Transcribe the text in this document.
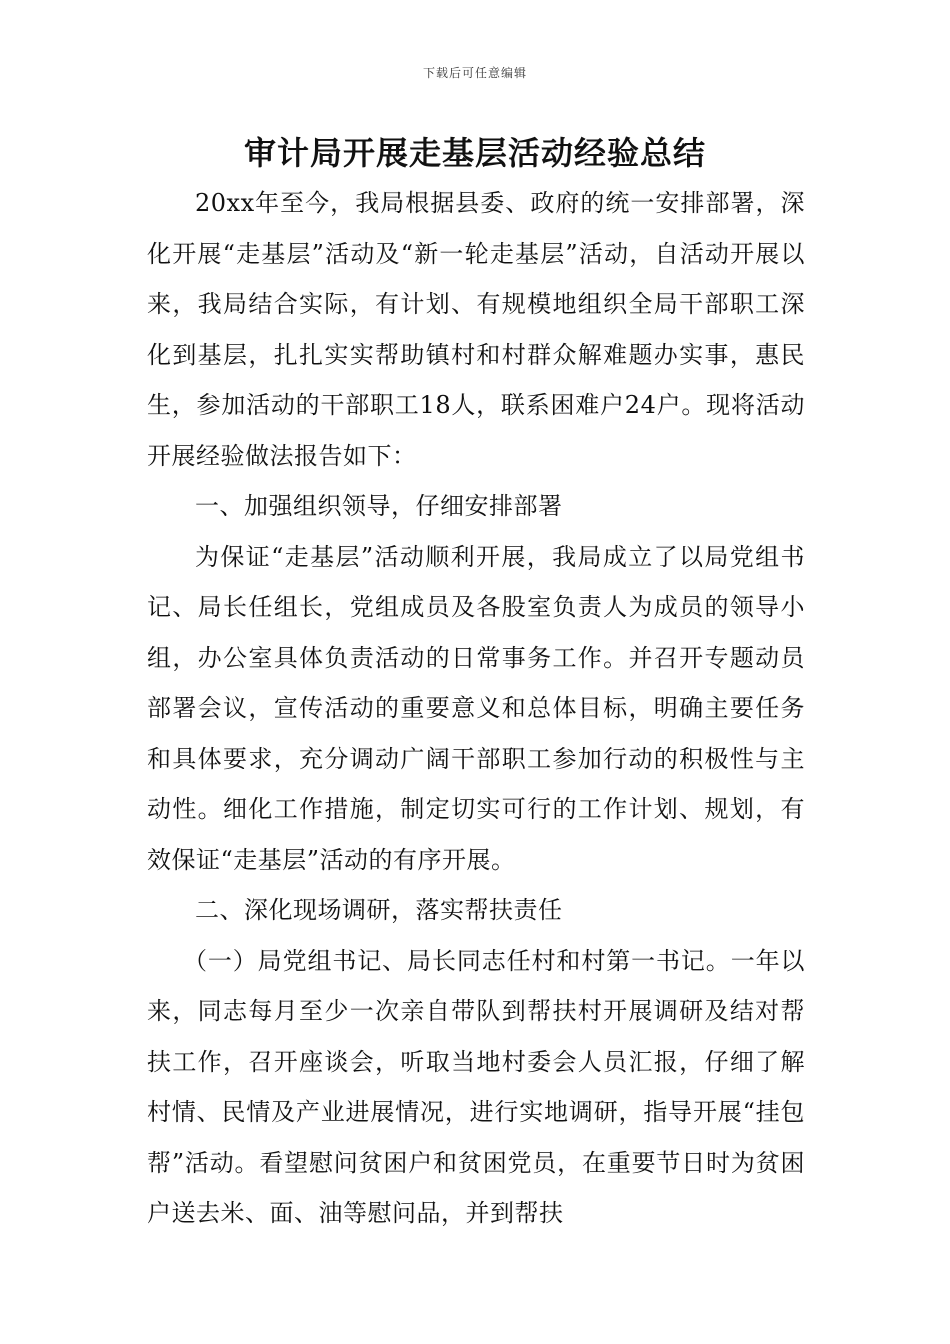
下载后可任意编辑
审计局开展走基层活动经验总结

20xx年至今，我局根据县委、政府的统一安排部署，深化开展“走基层”活动及“新一轮走基层”活动，自活动开展以来，我局结合实际，有计划、有规模地组织全局干部职工深化到基层，扎扎实实帮助镇村和村群众解难题办实事，惠民生，参加活动的干部职工18人，联系困难户24户。现将活动开展经验做法报告如下：

一、加强组织领导，仔细安排部署

为保证“走基层”活动顺利开展，我局成立了以局党组书记、局长任组长，党组成员及各股室负责人为成员的领导小组，办公室具体负责活动的日常事务工作。并召开专题动员部署会议，宣传活动的重要意义和总体目标，明确主要任务和具体要求，充分调动广阔干部职工参加行动的积极性与主动性。细化工作措施，制定切实可行的工作计划、规划，有效保证“走基层”活动的有序开展。

二、深化现场调研，落实帮扶责任

（一）局党组书记、局长同志任村和村第一书记。一年以来，同志每月至少一次亲自带队到帮扶村开展调研及结对帮扶工作，召开座谈会，听取当地村委会人员汇报，仔细了解村情、民情及产业进展情况，进行实地调研，指导开展“挂包帮”活动。看望慰问贫困户和贫困党员，在重要节日时为贫困户送去米、面、油等慰问品，并到帮扶
